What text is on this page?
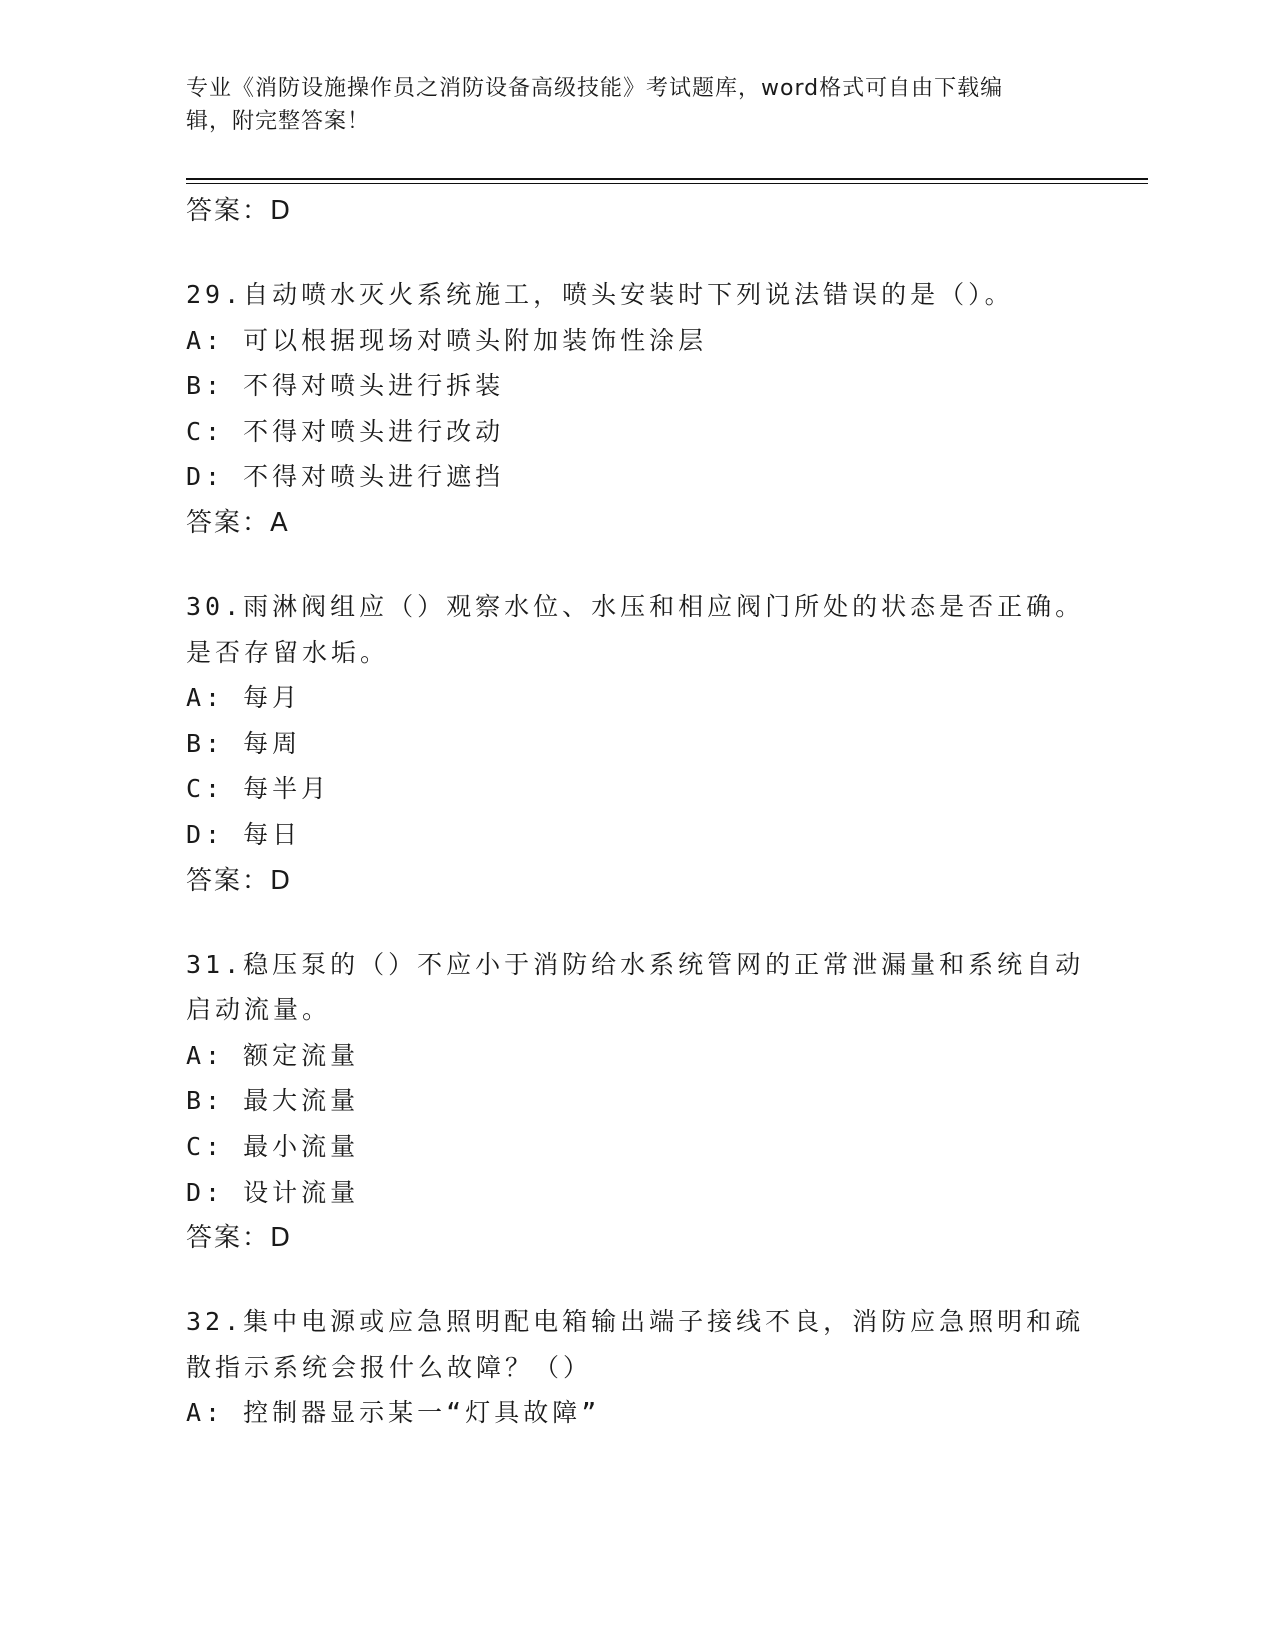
专业《消防设施操作员之消防设备高级技能》考试题库，word格式可自由下载编
辑，附完整答案！
答案：D
29.自动喷水灭火系统施工，喷头安装时下列说法错误的是（）。
A: 可以根据现场对喷头附加装饰性涂层
B: 不得对喷头进行拆装
C: 不得对喷头进行改动
D: 不得对喷头进行遮挡
答案：A
30.雨淋阀组应（）观察水位、水压和相应阀门所处的状态是否正确。
是否存留水垢。
A: 每月
B: 每周
C: 每半月
D: 每日
答案：D
31.稳压泵的（）不应小于消防给水系统管网的正常泄漏量和系统自动
启动流量。
A: 额定流量
B: 最大流量
C: 最小流量
D: 设计流量
答案：D
32.集中电源或应急照明配电箱输出端子接线不良，消防应急照明和疏
散指示系统会报什么故障？（）
A: 控制器显示某一“灯具故障”
